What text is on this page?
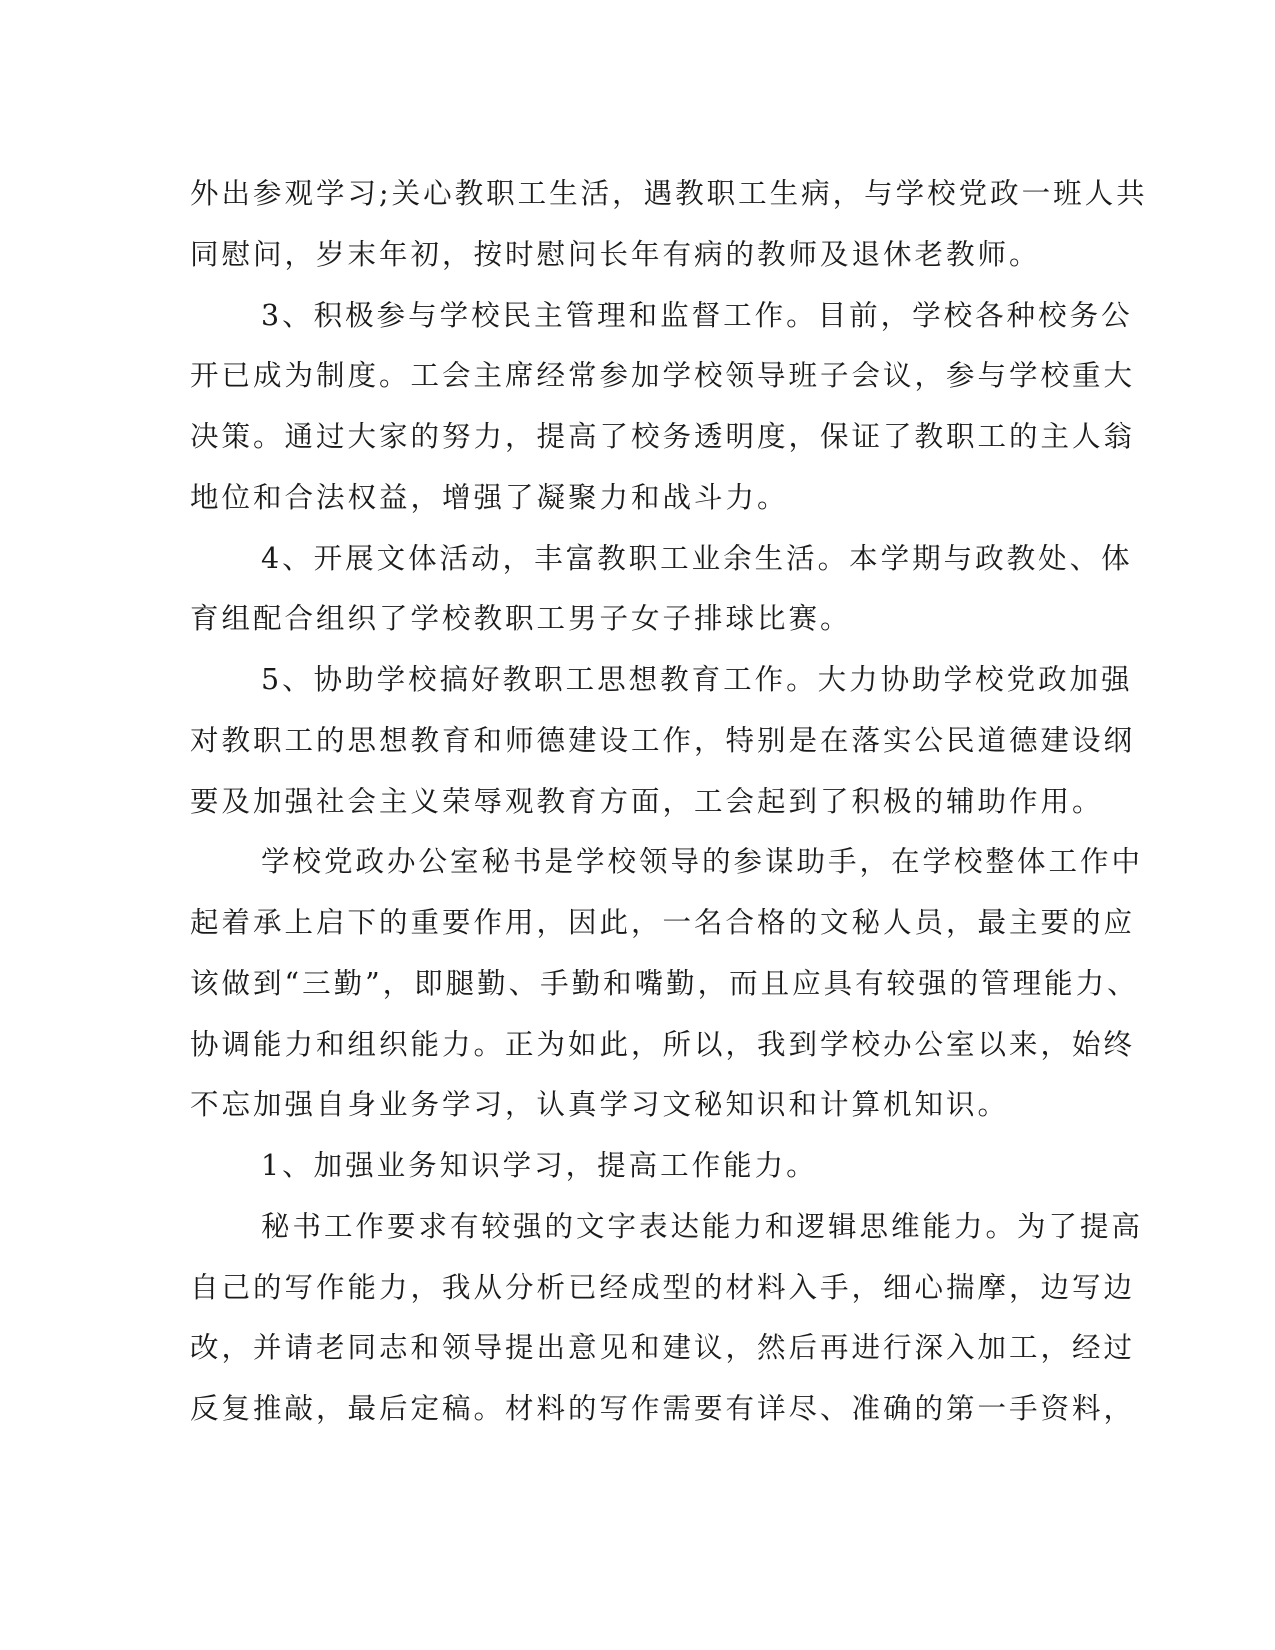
外出参观学习;关心教职工生活，遇教职工生病，与学校党政一班人共
同慰问，岁末年初，按时慰问长年有病的教师及退休老教师。
3、积极参与学校民主管理和监督工作。目前，学校各种校务公
开已成为制度。工会主席经常参加学校领导班子会议，参与学校重大
决策。通过大家的努力，提高了校务透明度，保证了教职工的主人翁
地位和合法权益，增强了凝聚力和战斗力。
4、开展文体活动，丰富教职工业余生活。本学期与政教处、体
育组配合组织了学校教职工男子女子排球比赛。
5、协助学校搞好教职工思想教育工作。大力协助学校党政加强
对教职工的思想教育和师德建设工作，特别是在落实公民道德建设纲
要及加强社会主义荣辱观教育方面，工会起到了积极的辅助作用。
学校党政办公室秘书是学校领导的参谋助手，在学校整体工作中
起着承上启下的重要作用，因此，一名合格的文秘人员，最主要的应
该做到“三勤”，即腿勤、手勤和嘴勤，而且应具有较强的管理能力、
协调能力和组织能力。正为如此，所以，我到学校办公室以来，始终
不忘加强自身业务学习，认真学习文秘知识和计算机知识。
1、加强业务知识学习，提高工作能力。
秘书工作要求有较强的文字表达能力和逻辑思维能力。为了提高
自己的写作能力，我从分析已经成型的材料入手，细心揣摩，边写边
改，并请老同志和领导提出意见和建议，然后再进行深入加工，经过
反复推敲，最后定稿。材料的写作需要有详尽、准确的第一手资料，
